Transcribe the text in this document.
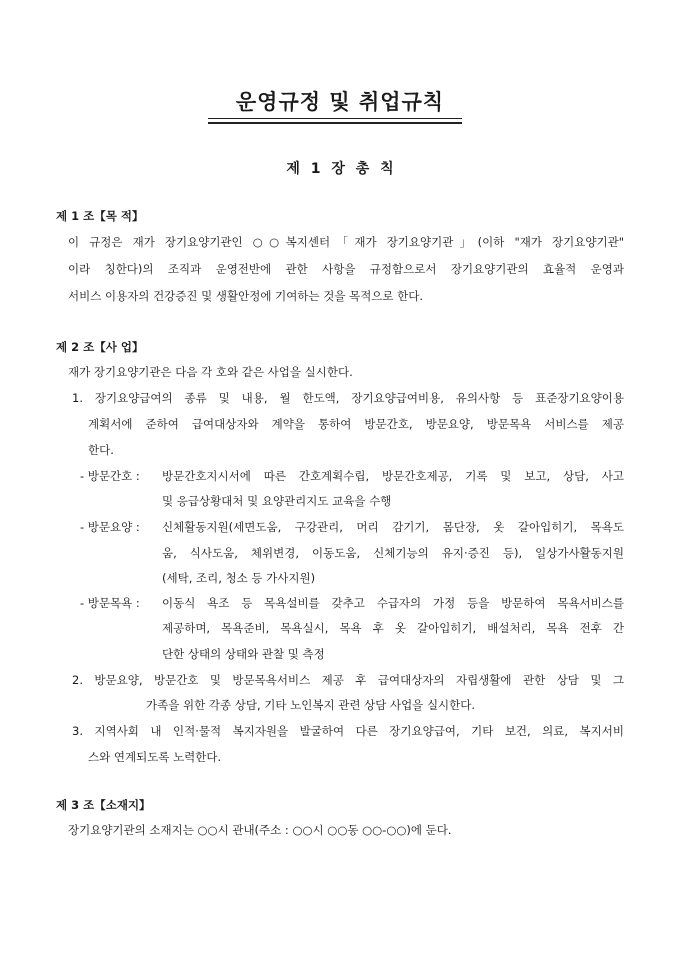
운영규정 및 취업규칙
제 1 장 총 칙
제 1 조【목 적】
이 규정은 재가 장기요양기관인 ○○복지센터「재가 장기요양기관」(이하 "재가 장기요양기관"
이라 칭한다)의 조직과 운영전반에 관한 사항을 규정함으로서 장기요양기관의 효율적 운영과
서비스 이용자의 건강증진 및 생활안정에 기여하는 것을 목적으로 한다.
제 2 조【사 업】
재가 장기요양기관은 다음 각 호와 같은 사업을 실시한다.
1. 장기요양급여의 종류 및 내용, 월 한도액, 장기요양급여비용, 유의사항 등 표준장기요양이용
계획서에 준하여 급여대상자와 계약을 통하여 방문간호, 방문요양, 방문목욕 서비스를 제공
한다.
- 방문간호 : 방문간호지시서에 따른 간호계획수립, 방문간호제공, 기록 및 보고, 상담, 사고
및 응급상황대처 및 요양관리지도 교육을 수행
- 방문요양 : 신체활동지원(세면도움, 구강관리, 머리 감기기, 몸단장, 옷 갈아입히기, 목욕도
움, 식사도움, 체위변경, 이동도움, 신체기능의 유지·증진 등), 일상가사활동지원
(세탁, 조리, 청소 등 가사지원)
- 방문목욕 : 이동식 욕조 등 목욕설비를 갖추고 수급자의 가정 등을 방문하여 목욕서비스를
제공하며, 목욕준비, 목욕실시, 목욕 후 옷 갈아입히기, 배설처리, 목욕 전후 간
단한 상태의 상태와 관찰 및 측정
2. 방문요양, 방문간호 및 방문목욕서비스 제공 후 급여대상자의 자립생활에 관한 상담 및 그
가족을 위한 각종 상담, 기타 노인복지 관련 상담 사업을 실시한다.
3. 지역사회 내 인적·물적 복지자원을 발굴하여 다른 장기요양급여, 기타 보건, 의료, 복지서비
스와 연계되도록 노력한다.
제 3 조【소재지】
장기요양기관의 소재지는 ○○시 관내(주소 : ○○시 ○○동 ○○-○○)에 둔다.
